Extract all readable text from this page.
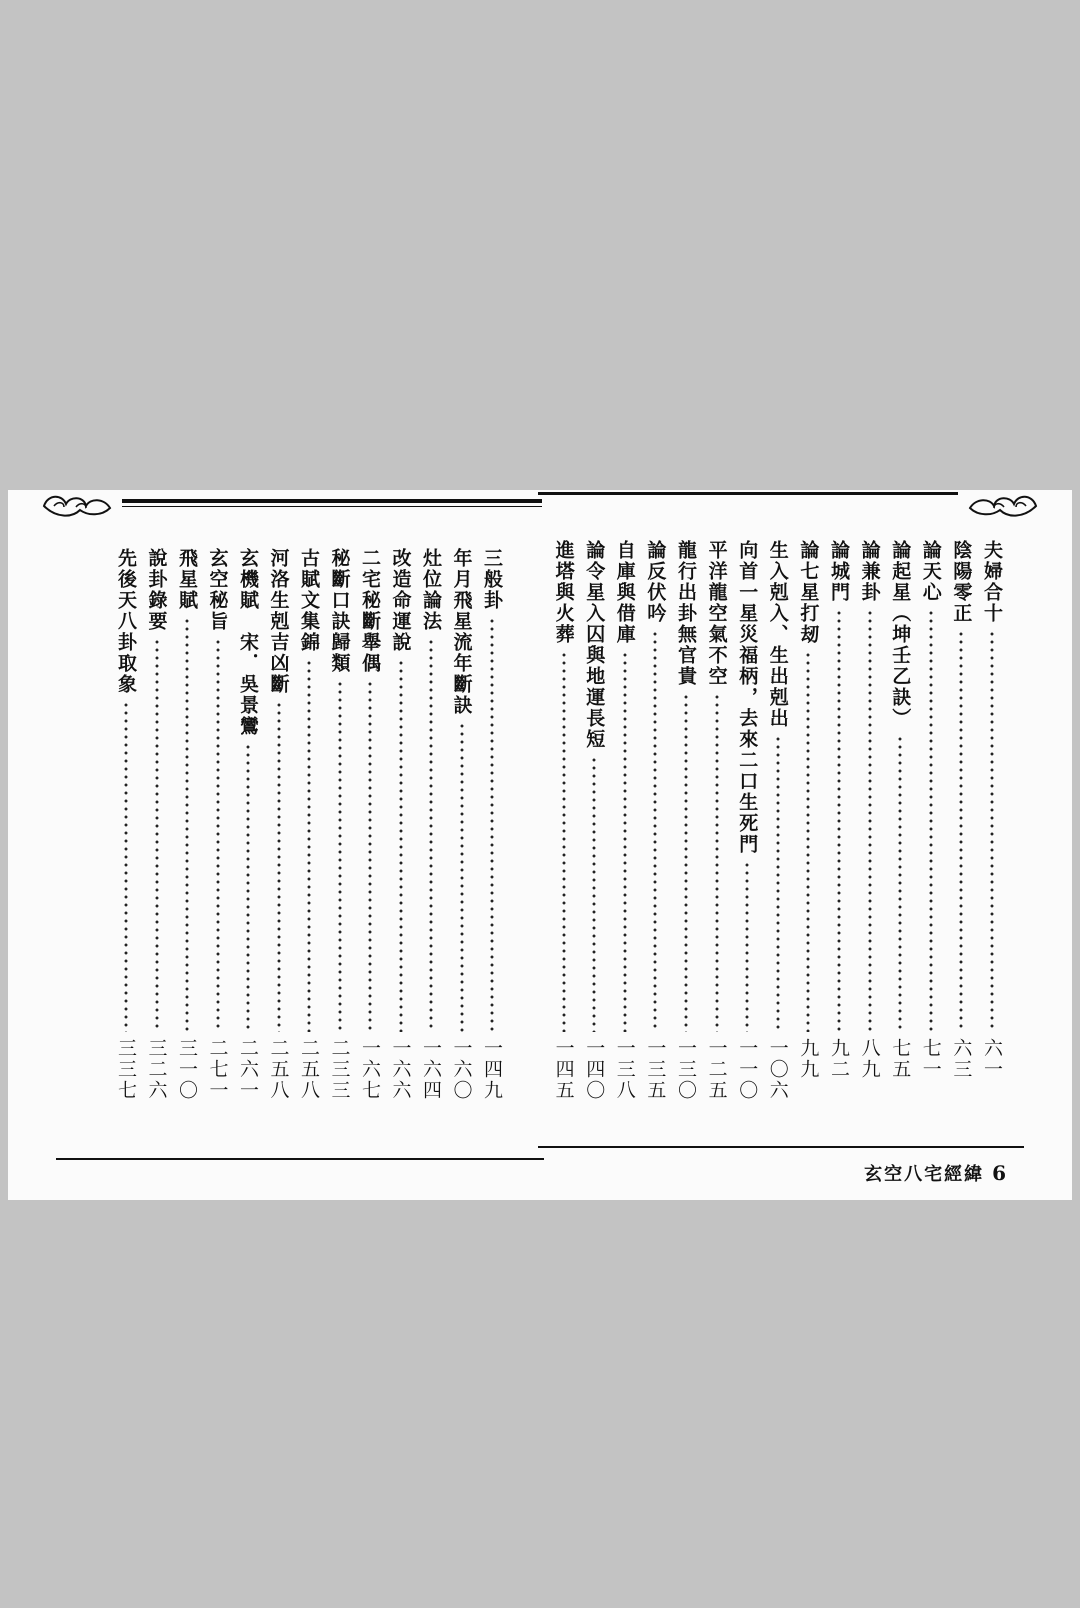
三般卦
一四九
年月飛星流年斷訣
一六〇
灶位論法
一六四
改造命運說
一六六
二宅秘斷舉偶
一六七
秘斷口訣歸類
二三三
古賦文集錦
二五八
河洛生剋吉凶斷
二五八
玄機賦　宋．吳景鸞
二六一
玄空秘旨
二七一
飛星賦
三一〇
說卦錄要
三二六
先後天八卦取象
三三七
夫婦合十
六一
陰陽零正
六三
論天心
七一
論起星（坤壬乙訣）
七五
論兼卦
八九
論城門
九二
論七星打刼
九九
生入剋入、生出剋出
一〇六
向首一星災福柄，去來二口生死門
一一〇
平洋龍空氣不空
一二五
龍行出卦無官貴
一三〇
論反伏吟
一三五
自庫與借庫
一三八
論令星入囚與地運長短
一四〇
進塔與火葬
一四五
玄空八宅經緯 6
